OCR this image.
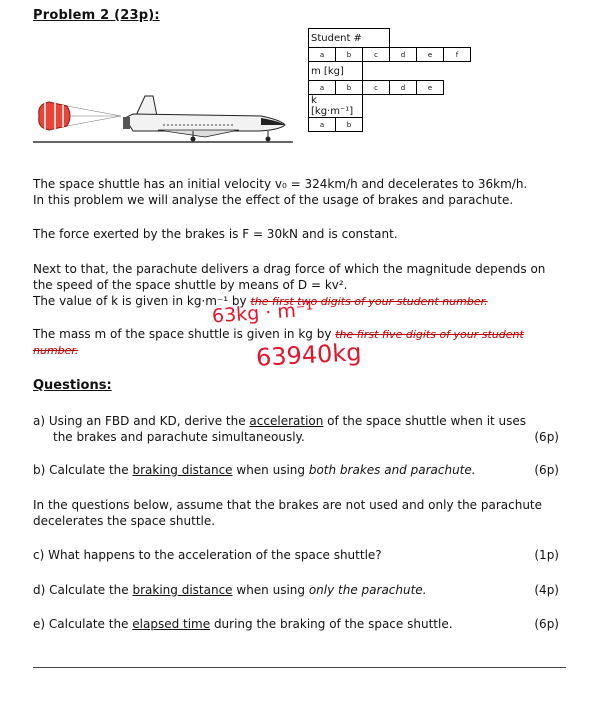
Problem 2 (23p):
Student #					
a	b	c	d	e	f
m [kg]					
a	b	c	d	e	
k [kg·m⁻¹]					
a	b				

The space shuttle has an initial velocity v₀ = 324km/h and decelerates to 36km/h.

In this problem we will analyse the effect of the usage of brakes and parachute.

The force exerted by the brakes is F = 30kN and is constant.

Next to that, the parachute delivers a drag force of which the magnitude depends on

the speed of the space shuttle by means of D = kv².

The value of k is given in kg·m⁻¹ by the first two digits of your student number.

63kg · m⁻¹

The mass m of the space shuttle is given in kg by the first five digits of your student

number.	63940kg
Questions:
a) Using an FBD and KD, derive the acceleration of the space shuttle when it uses
the brakes and parachute simultaneously.	(6p)
b) Calculate the braking distance when using both brakes and parachute.	(6p)
In the questions below, assume that the brakes are not used and only the parachute
decelerates the space shuttle.
c) What happens to the acceleration of the space shuttle?	(1p)
d) Calculate the braking distance when using only the parachute.	(4p)
e) Calculate the elapsed time during the braking of the space shuttle.	(6p)
